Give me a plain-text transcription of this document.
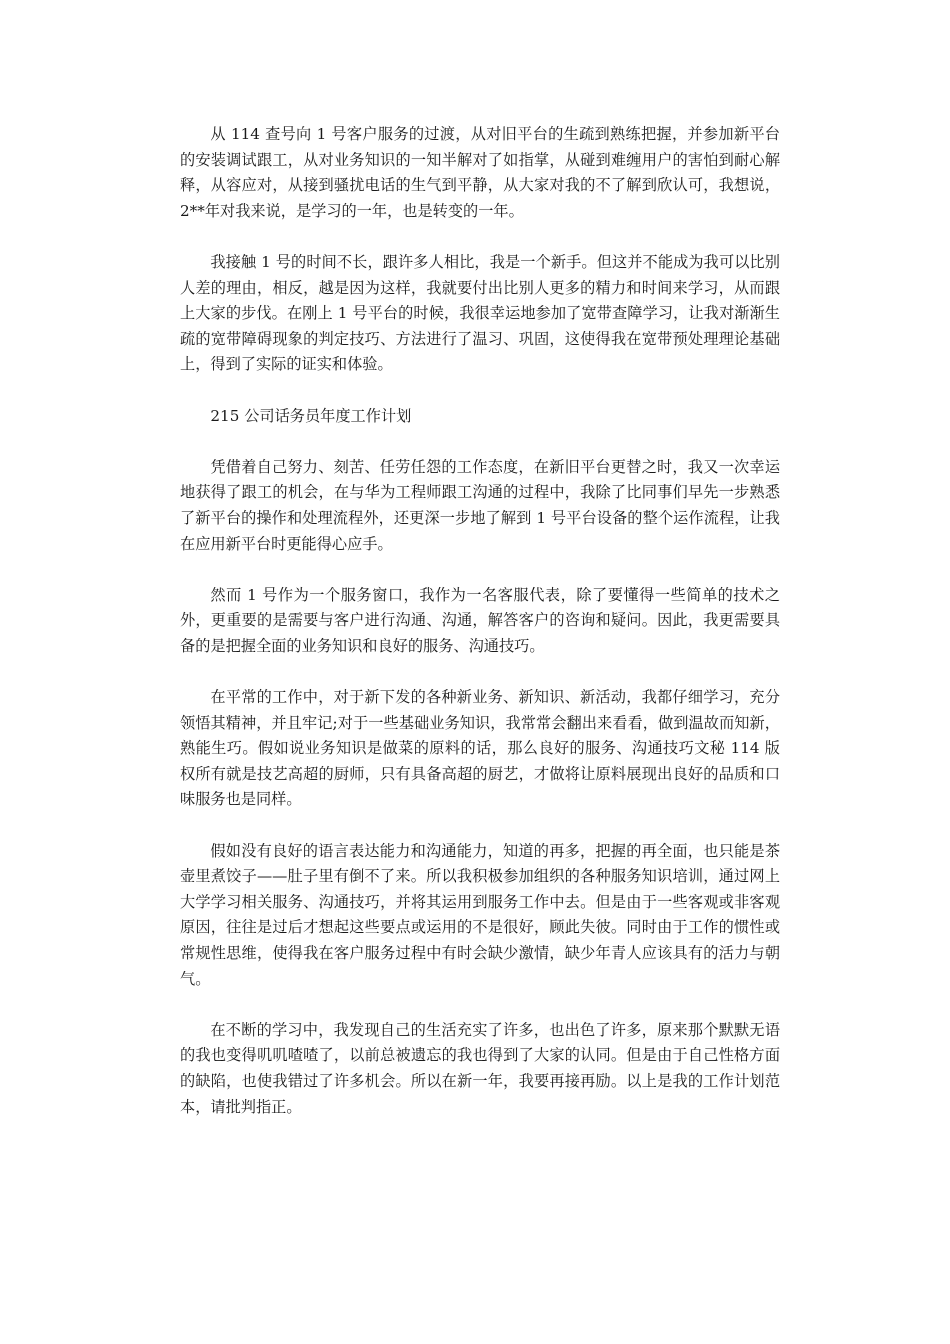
从 114 查号向 1 号客户服务的过渡，从对旧平台的生疏到熟练把握，并参加新平台的安装调试跟工，从对业务知识的一知半解对了如指掌，从碰到难缠用户的害怕到耐心解释，从容应对，从接到骚扰电话的生气到平静，从大家对我的不了解到欣认可，我想说，2**年对我来说，是学习的一年，也是转变的一年。

我接触 1 号的时间不长，跟许多人相比，我是一个新手。但这并不能成为我可以比别人差的理由，相反，越是因为这样，我就要付出比别人更多的精力和时间来学习，从而跟上大家的步伐。在刚上 1 号平台的时候，我很幸运地参加了宽带查障学习，让我对渐渐生疏的宽带障碍现象的判定技巧、方法进行了温习、巩固，这使得我在宽带预处理理论基础上，得到了实际的证实和体验。

215 公司话务员年度工作计划

凭借着自己努力、刻苦、任劳任怨的工作态度，在新旧平台更替之时，我又一次幸运地获得了跟工的机会，在与华为工程师跟工沟通的过程中，我除了比同事们早先一步熟悉了新平台的操作和处理流程外，还更深一步地了解到 1 号平台设备的整个运作流程，让我在应用新平台时更能得心应手。

然而 1 号作为一个服务窗口，我作为一名客服代表，除了要懂得一些简单的技术之外，更重要的是需要与客户进行沟通、沟通，解答客户的咨询和疑问。因此，我更需要具备的是把握全面的业务知识和良好的服务、沟通技巧。

在平常的工作中，对于新下发的各种新业务、新知识、新活动，我都仔细学习，充分领悟其精神，并且牢记;对于一些基础业务知识，我常常会翻出来看看，做到温故而知新，熟能生巧。假如说业务知识是做菜的原料的话，那么良好的服务、沟通技巧文秘 114 版权所有就是技艺高超的厨师，只有具备高超的厨艺，才做将让原料展现出良好的品质和口味服务也是同样。

假如没有良好的语言表达能力和沟通能力，知道的再多，把握的再全面，也只能是茶壶里煮饺子——肚子里有倒不了来。所以我积极参加组织的各种服务知识培训，通过网上大学学习相关服务、沟通技巧，并将其运用到服务工作中去。但是由于一些客观或非客观原因，往往是过后才想起这些要点或运用的不是很好，顾此失彼。同时由于工作的惯性或常规性思维，使得我在客户服务过程中有时会缺少激情，缺少年青人应该具有的活力与朝气。

在不断的学习中，我发现自己的生活充实了许多，也出色了许多，原来那个默默无语的我也变得叽叽喳喳了，以前总被遗忘的我也得到了大家的认同。但是由于自己性格方面的缺陷，也使我错过了许多机会。所以在新一年，我要再接再励。以上是我的工作计划范本，请批判指正。
